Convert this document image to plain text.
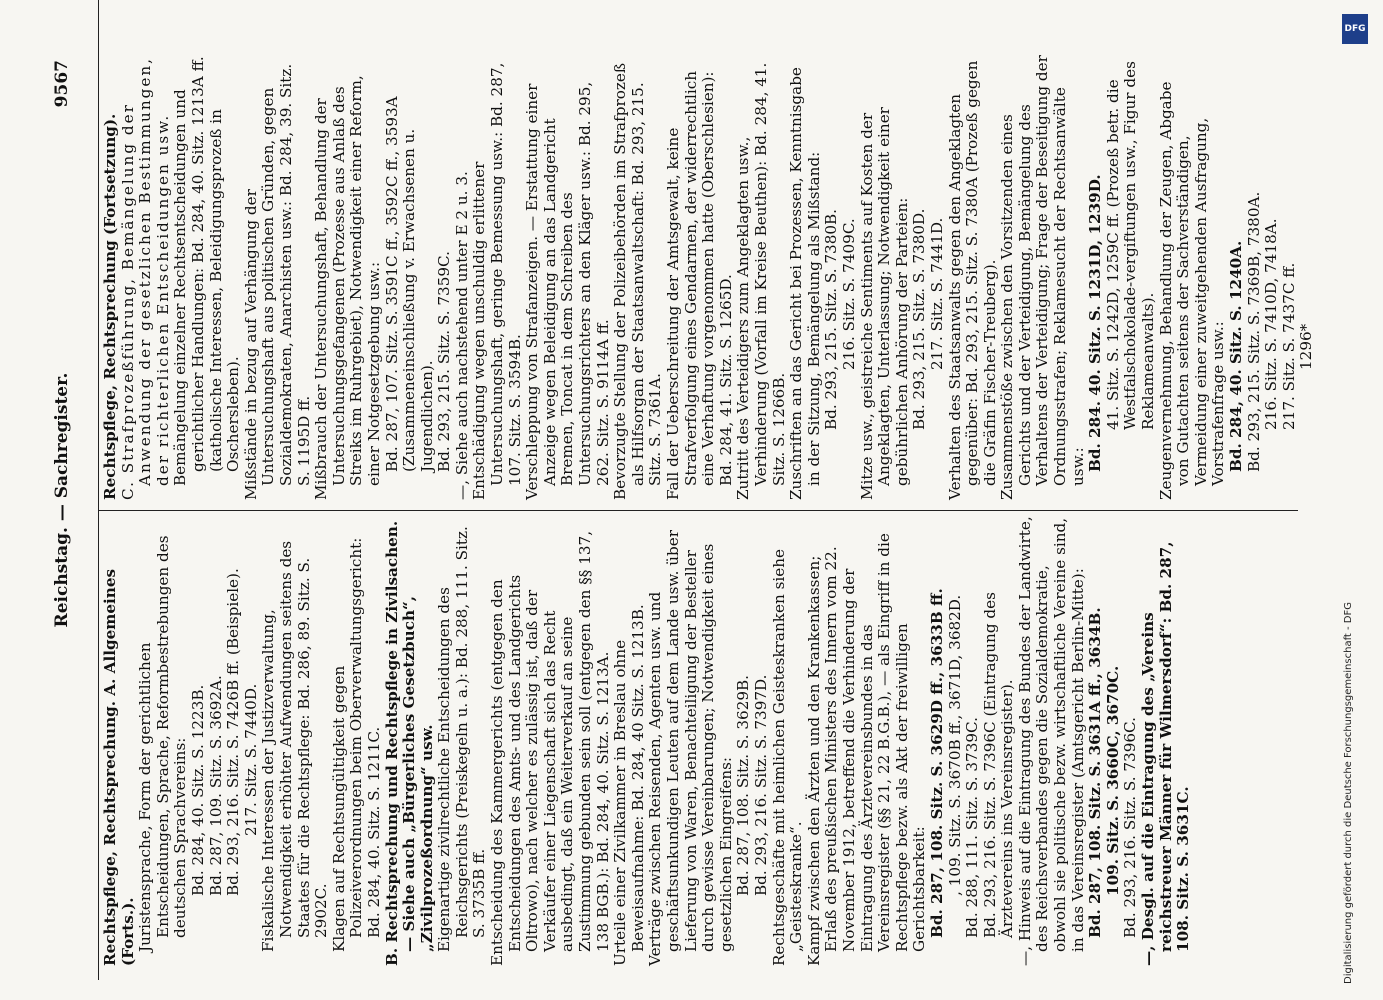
Reichstag. — Sachregister.
9567

Rechtspflege, Rechtsprechung. A. Allgemeines (Forts.). Juristensprache, Form der gerichtlichen Entscheidungen, Sprache, Reformbestrebungen des deutschen Sprachvereins: Bd. 284, 40. Sitz. S. 1223B. Bd. 287, 109. Sitz. S. 3692A. Bd. 293, 216. Sitz. S. 7426B ff. (Beispiele). 217. Sitz. S. 7440D. Fiskalische Interessen der Justizverwaltung, Notwendigkeit erhöhter Aufwendungen seitens des Staates für die Rechtspflege: Bd. 286, 89. Sitz. S. 2902C. Klagen auf Rechtsungültigkeit gegen Polizeiverordnungen beim Oberverwaltungsgericht: Bd. 284, 40. Sitz. S. 1211C. B. Rechtsprechung und Rechtspflege in Zivilsachen. — Siehe auch „Bürgerliches Gesetzbuch“, „Zivilprozeßordnung“ usw. Eigenartige zivilrechtliche Entscheidungen des Reichsgerichts (Preiskegeln u. a.): Bd. 288, 111. Sitz. S. 3735B ff. Entscheidung des Kammergerichts (entgegen den Entscheidungen des Amts- und des Landgerichts Oltrowo), nach welcher es zulässig ist, daß der Verkäufer einer Liegenschaft sich das Recht ausbedingt, daß ein Weiterverkauf an seine Zustimmung gebunden sein soll (entgegen den §§ 137, 138 BGB.): Bd. 284, 40. Sitz. S. 1213A. Urteile einer Zivilkammer in Breslau ohne Beweisaufnahme: Bd. 284, 40 Sitz. S. 1213B. Verträge zwischen Reisenden, Agenten usw. und geschäftsunkundigen Leuten auf dem Lande usw. über Lieferung von Waren, Benachteiligung der Besteller durch gewisse Vereinbarungen; Notwendigkeit eines gesetzlichen Eingreifens: Bd. 287, 108. Sitz. S. 3629B. Bd. 293, 216. Sitz. S. 7397D. Rechtsgeschäfte mit heimlichen Geisteskranken siehe „Geisteskranke“. Kampf zwischen den Ärzten und den Krankenkassen; Erlaß des preußischen Ministers des Innern vom 22. November 1912, betreffend die Verhinderung der Eintragung des Ärztevereinsbundes in das Vereinsregister (§§ 21, 22 B.G.B.), — als Eingriff in die Rechtspflege bezw. als Akt der freiwilligen Gerichtsbarkeit: Bd. 287, 108. Sitz. S. 3629D ff., 3633B ff. , 109. Sitz. S. 3670B ff., 3671D, 3682D. Bd. 288, 111. Sitz. S. 3739C. Bd. 293, 216. Sitz. S. 7396C (Eintragung des Ärztevereins ins Vereinsregister). —, Hinweis auf die Eintragung des Bundes der Landwirte, des Reichsverbandes gegen die Sozialdemokratie, obwohl sie politische bezw. wirtschaftliche Vereine sind, in das Vereinsregister (Amtsgericht Berlin-Mitte): Bd. 287, 108. Sitz. S. 3631A ff., 3634B. 109. Sitz. S. 3660C, 3670C. Bd. 293, 216. Sitz. S. 7396C. —, Desgl. auf die Eintragung des „Vereins reichstreuer Männer für Wilmersdorf“: Bd. 287, 108. Sitz. S. 3631C.

Rechtspflege, Rechtsprechung (Fortsetzung). C. Strafprozeßführung, Bemängelung der Anwendung der gesetzlichen Bestimmungen, der richterlichen Entscheidungen usw. Bemängelung einzelner Rechtsentscheidungen und gerichtlicher Handlungen: Bd. 284, 40. Sitz. 1213A ff. (katholische Interessen, Beleidigungsprozeß in Oschersleben). Mißstände in bezug auf Verhängung der Untersuchungshaft aus politischen Gründen, gegen Sozialdemokraten, Anarchisten usw.: Bd. 284, 39. Sitz. S. 1195D ff. Mißbrauch der Untersuchungshaft, Behandlung der Untersuchungsgefangenen (Prozesse aus Anlaß des Streiks im Ruhrgebiet), Notwendigkeit einer Reform, einer Notgesetzgebung usw.: Bd. 287, 107. Sitz. S. 3591C ff., 3592C ff., 3593A (Zusammeneinschließung v. Erwachsenen u. Jugendlichen). Bd. 293, 215. Sitz. S. 7359C. —, Siehe auch nachstehend unter E 2 u. 3. Entschädigung wegen unschuldig erlittener Untersuchungshaft, geringe Bemessung usw.: Bd. 287, 107. Sitz. S. 3594B. Verschleppung von Strafanzeigen. — Erstattung einer Anzeige wegen Beleidigung an das Landgericht Bremen, Toncat in dem Schreiben des Untersuchungsrichters an den Kläger usw.: Bd. 295, 262. Sitz. S. 9114A ff. Bevorzugte Stellung der Polizeibehörden im Strafprozeß als Hilfsorgan der Staatsanwaltschaft: Bd. 293, 215. Sitz. S. 7361A. Fall der Ueberschreitung der Amtsgewalt, keine Strafverfolgung eines Gendarmen, der widerrechtlich eine Verhaftung vorgenommen hatte (Oberschlesien): Bd. 284, 41. Sitz. S. 1265D. Zutritt des Verteidigers zum Angeklagten usw., Verhinderung (Vorfall im Kreise Beuthen): Bd. 284, 41. Sitz. S. 1266B. Zuschriften an das Gericht bei Prozessen, Kenntnisgabe in der Sitzung, Bemängelung als Mißstand: Bd. 293, 215. Sitz. S. 7380B. 216. Sitz. S. 7409C. Mitze usw., geistreiche Sentiments auf Kosten der Angeklagten, Unterlassung; Notwendigkeit einer gebührlichen Anhörung der Parteien: Bd. 293, 215. Sitz. S. 7380D. 217. Sitz. S. 7441D. Verhalten des Staatsanwalts gegen den Angeklagten gegenüber: Bd. 293, 215. Sitz. S. 7380A (Prozeß gegen die Gräfin Fischer-Treuberg). Zusammenstöße zwischen den Vorsitzenden eines Gerichts und der Verteidigung, Bemängelung des Verhaltens der Verteidigung; Frage der Beseitigung der Ordnungsstrafen; Reklamesucht der Rechtsanwälte usw.: Bd. 284. 40. Sitz. S. 1231D, 1239D. 41. Sitz. S. 1242D, 1259C ff. (Prozeß betr. die Westfalschokolade-vergiftungen usw., Figur des Reklameanwalts). Zeugenvernehmung, Behandlung der Zeugen, Abgabe von Gutachten seitens der Sachverständigen, Vermeidung einer zuweitgehenden Ausfragung, Vorstrafenfrage usw.: Bd. 284, 40. Sitz. S. 1240A. Bd. 293, 215. Sitz. S. 7369B, 7380A. 216. Sitz. S. 7410D, 7418A. 217. Sitz. S. 7437C ff. 1296*

DFG
Digitalisierung gefördert durch die Deutsche Forschungsgemeinschaft - DFG
